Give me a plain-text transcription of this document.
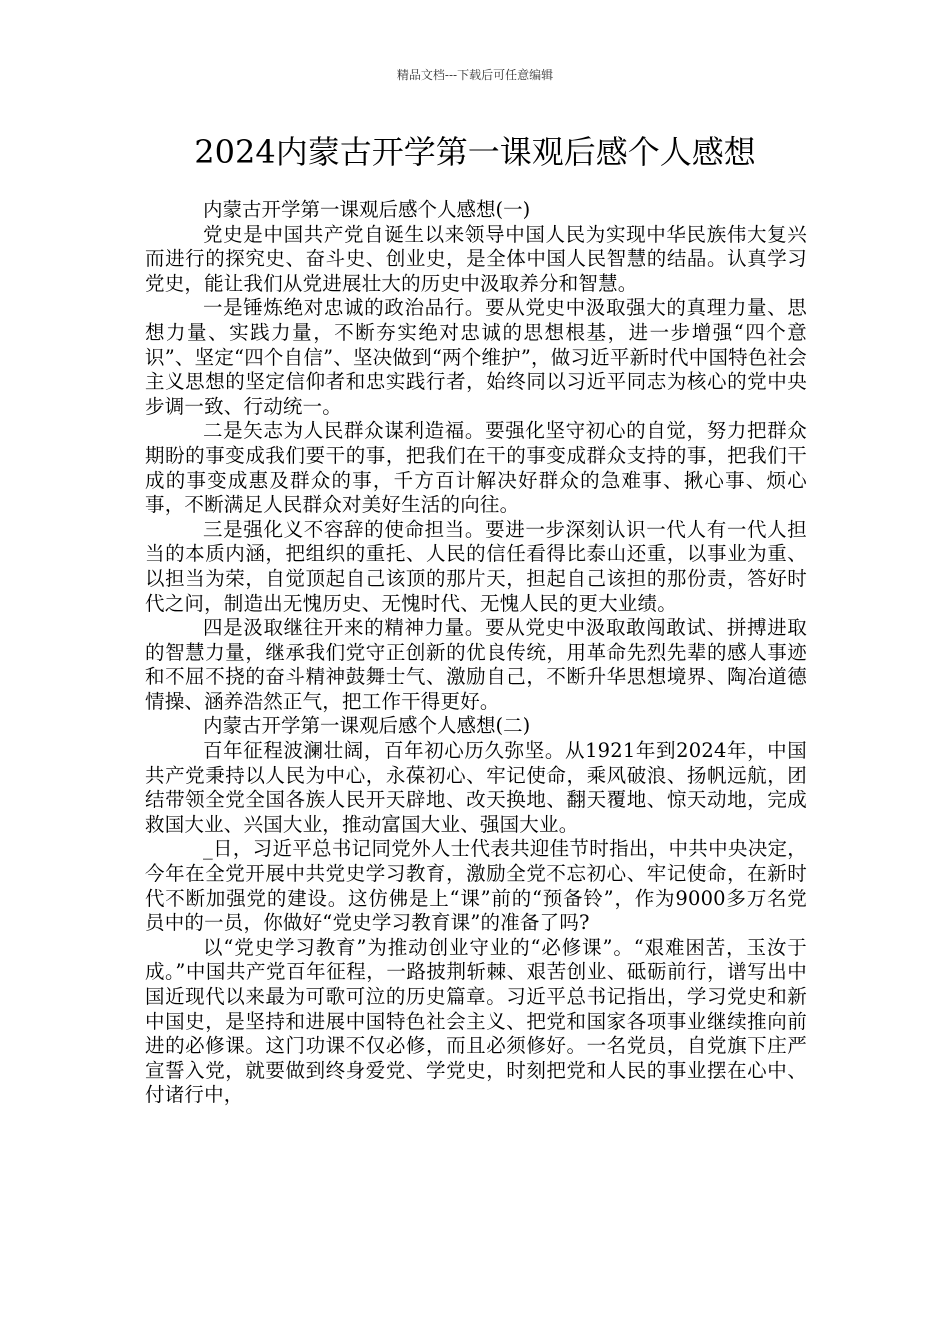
精品文档---下载后可任意编辑
2024内蒙古开学第一课观后感个人感想

内蒙古开学第一课观后感个人感想(一)

党史是中国共产党自诞生以来领导中国人民为实现中华民族伟大复兴而进行的探究史、奋斗史、创业史，是全体中国人民智慧的结晶。认真学习党史，能让我们从党进展壮大的历史中汲取养分和智慧。

一是锤炼绝对忠诚的政治品行。要从党史中汲取强大的真理力量、思想力量、实践力量，不断夯实绝对忠诚的思想根基，进一步增强“四个意识”、坚定“四个自信”、坚决做到“两个维护”，做习近平新时代中国特色社会主义思想的坚定信仰者和忠实践行者，始终同以习近平同志为核心的党中央步调一致、行动统一。

二是矢志为人民群众谋利造福。要强化坚守初心的自觉，努力把群众期盼的事变成我们要干的事，把我们在干的事变成群众支持的事，把我们干成的事变成惠及群众的事，千方百计解决好群众的急难事、揪心事、烦心事，不断满足人民群众对美好生活的向往。

三是强化义不容辞的使命担当。要进一步深刻认识一代人有一代人担当的本质内涵，把组织的重托、人民的信任看得比泰山还重，以事业为重、以担当为荣，自觉顶起自己该顶的那片天，担起自己该担的那份责，答好时代之问，制造出无愧历史、无愧时代、无愧人民的更大业绩。

四是汲取继往开来的精神力量。要从党史中汲取敢闯敢试、拼搏进取的智慧力量，继承我们党守正创新的优良传统，用革命先烈先辈的感人事迹和不屈不挠的奋斗精神鼓舞士气、激励自己，不断升华思想境界、陶冶道德情操、涵养浩然正气，把工作干得更好。

内蒙古开学第一课观后感个人感想(二)

百年征程波澜壮阔，百年初心历久弥坚。从1921年到2024年，中国共产党秉持以人民为中心，永葆初心、牢记使命，乘风破浪、扬帆远航，团结带领全党全国各族人民开天辟地、改天换地、翻天覆地、惊天动地，完成救国大业、兴国大业，推动富国大业、强国大业。

_日，习近平总书记同党外人士代表共迎佳节时指出，中共中央决定，今年在全党开展中共党史学习教育，激励全党不忘初心、牢记使命，在新时代不断加强党的建设。这仿佛是上“课”前的“预备铃”，作为9000多万名党员中的一员，你做好“党史学习教育课”的准备了吗?

以“党史学习教育”为推动创业守业的“必修课”。“艰难困苦，玉汝于成。”中国共产党百年征程，一路披荆斩棘、艰苦创业、砥砺前行，谱写出中国近现代以来最为可歌可泣的历史篇章。习近平总书记指出，学习党史和新中国史，是坚持和进展中国特色社会主义、把党和国家各项事业继续推向前进的必修课。这门功课不仅必修，而且必须修好。一名党员，自党旗下庄严宣誓入党，就要做到终身爱党、学党史，时刻把党和人民的事业摆在心中、付诸行中，
